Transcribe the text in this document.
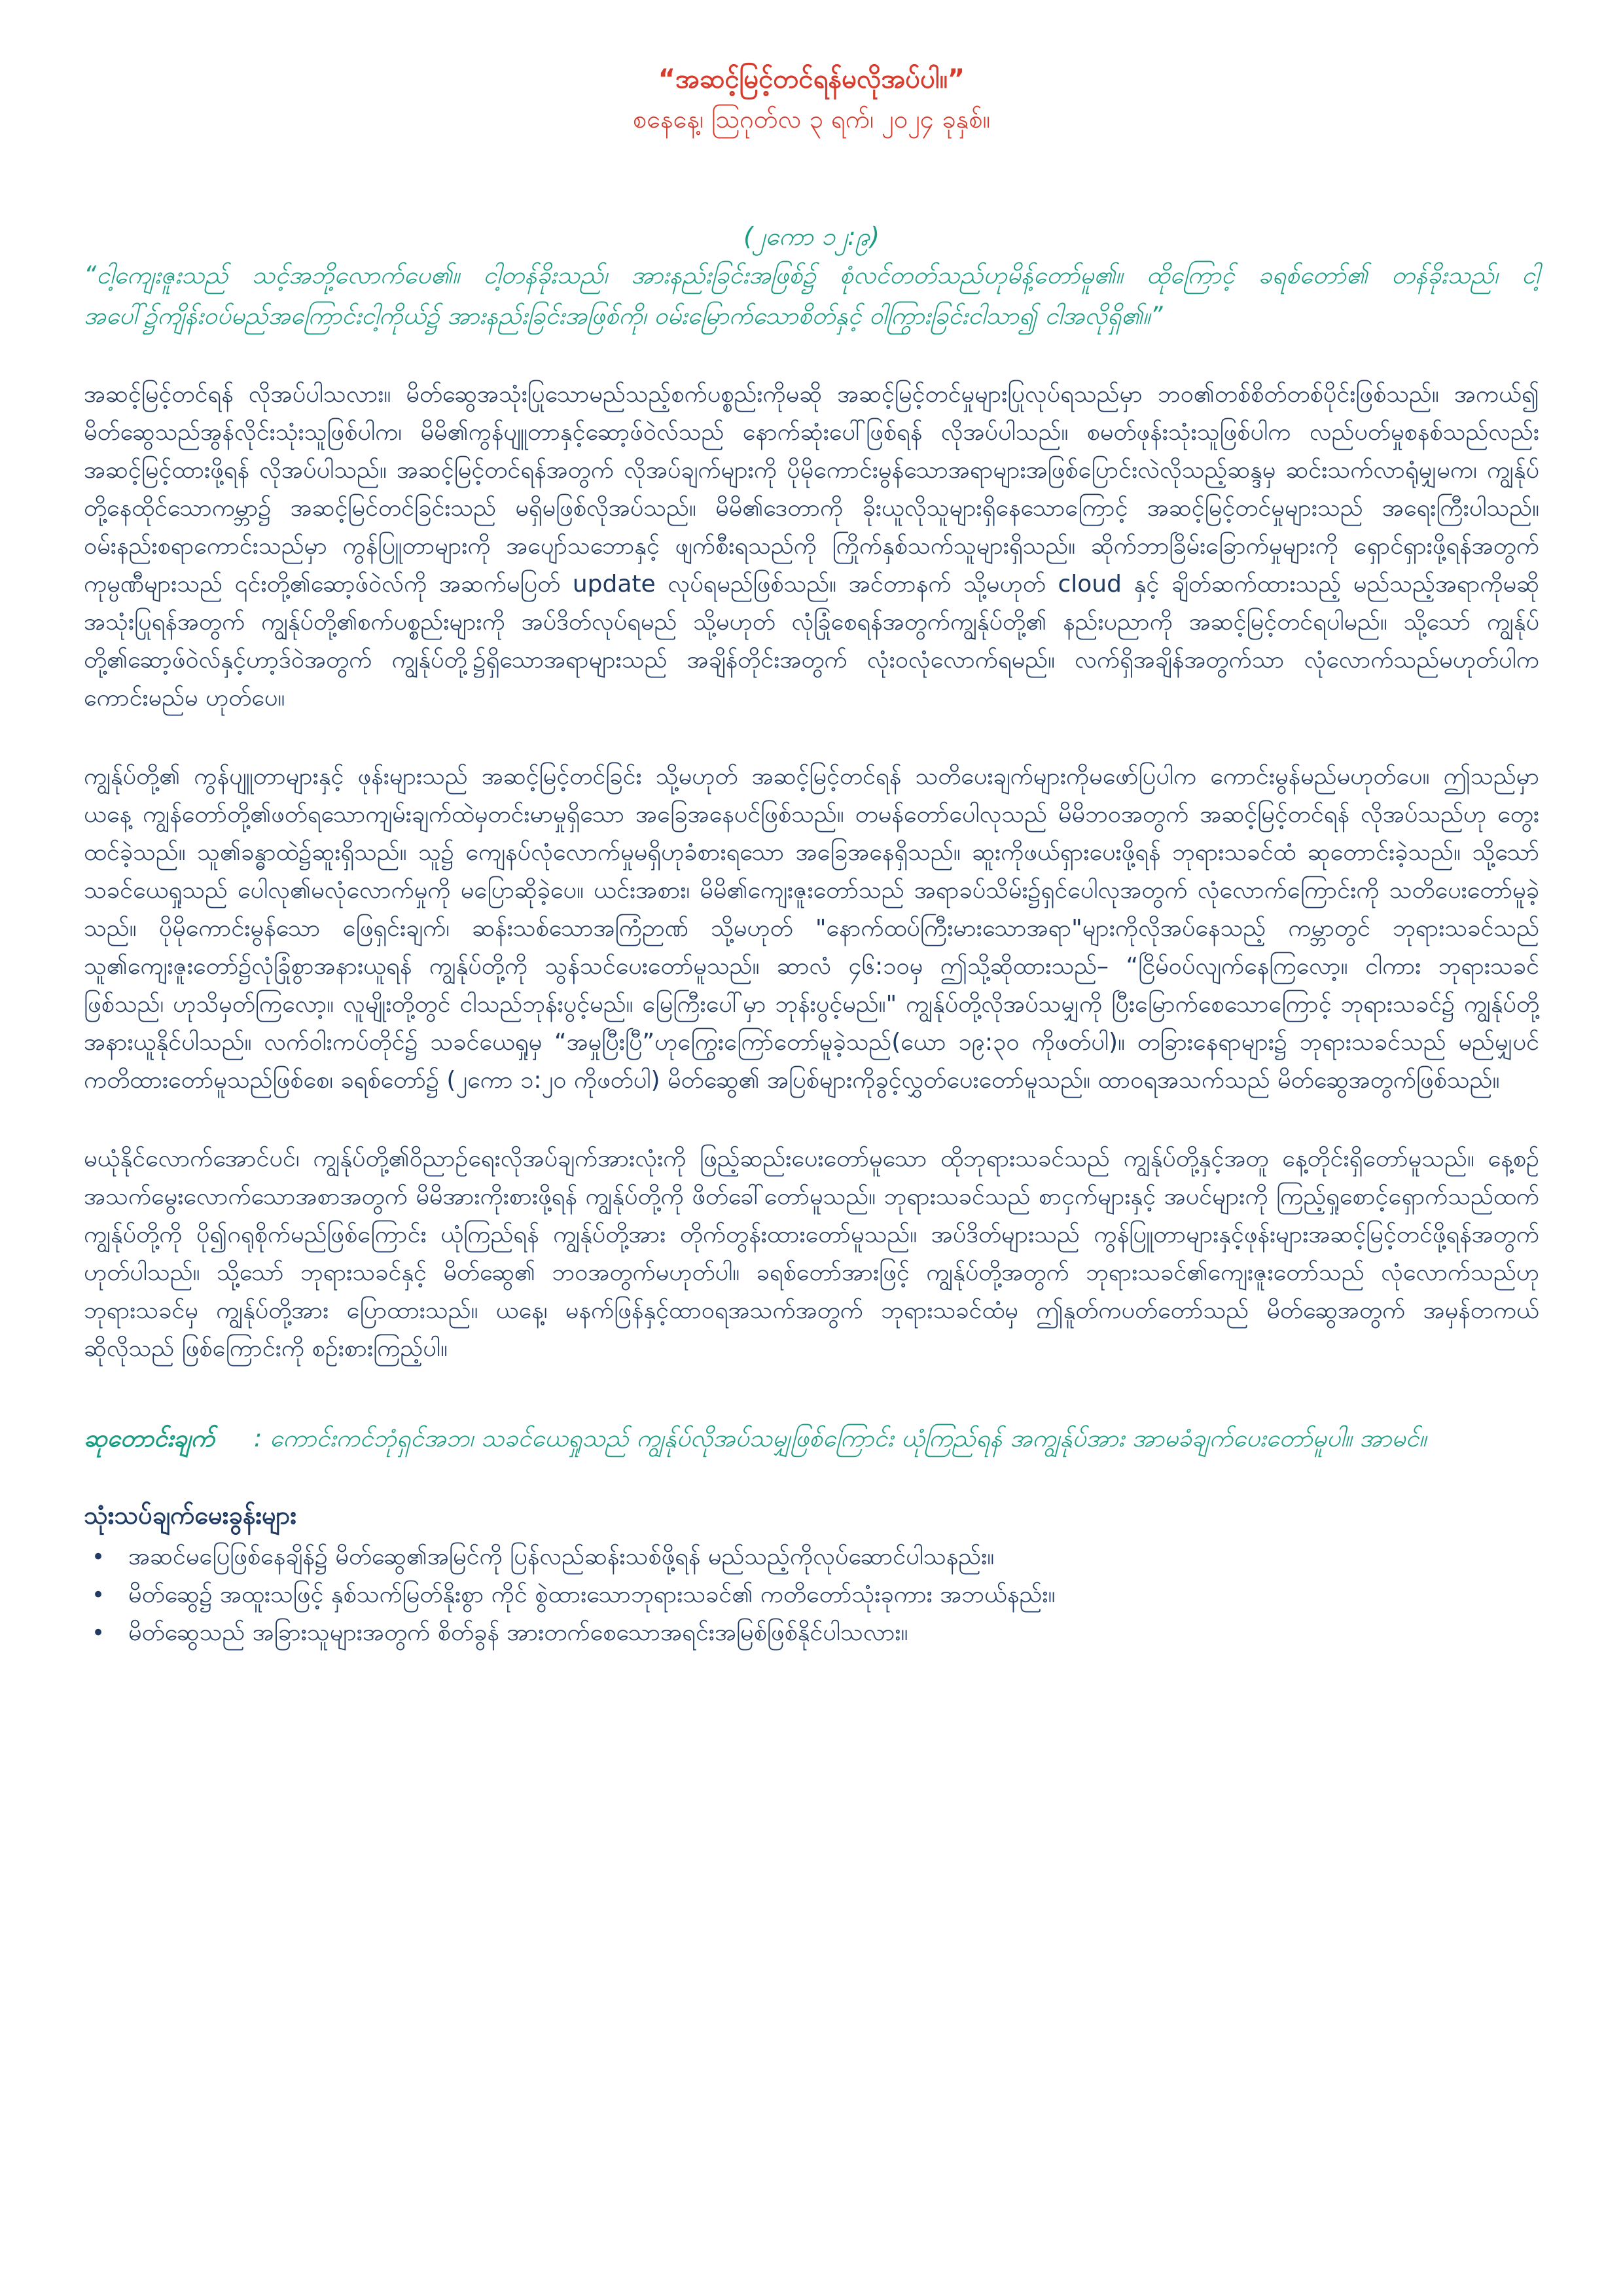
“အဆင့်မြင့်တင်ရန်မလိုအပ်ပါ။”
စနေနေ့၊ ဩဂုတ်လ ၃ ရက်၊ ၂၀၂၄ ခုနှစ်။
(၂ကော ၁၂:၉)
“ငါ့ကျေးဇူးသည် သင့်အဘို့လောက်ပေ၏။ ငါ့တန်ခိုးသည်၊ အားနည်းခြင်းအဖြစ်၌ စုံလင်တတ်သည်ဟုမိန့်တော်မူ၏။ ထိုကြောင့် ခရစ်တော်၏ တန်ခိုးသည်၊ ငါ့အပေါ်၌ကျိန်းဝပ်မည်အကြောင်းငါ့ကိုယ်၌ အားနည်းခြင်းအဖြစ်ကို၊ ဝမ်းမြောက်သောစိတ်နှင့် ဝါကြွားခြင်းငါသာ၍ ငါအလိုရှိ၏။”
အဆင့်မြင့်တင်ရန် လိုအပ်ပါသလား။ မိတ်ဆွေအသုံးပြုသောမည်သည့်စက်ပစ္စည်းကိုမဆို အဆင့်မြင့်တင်မှုများပြုလုပ်ရသည်မှာ ဘဝ၏တစ်စိတ်တစ်ပိုင်းဖြစ်သည်။ အကယ်၍ မိတ်ဆွေသည်အွန်လိုင်းသုံးသူဖြစ်ပါက၊ မိမိ၏ကွန်ပျူတာနှင့်ဆော့ဖ်ဝဲလ်သည် နောက်ဆုံးပေါ်ဖြစ်ရန် လိုအပ်ပါသည်။ စမတ်ဖုန်းသုံးသူဖြစ်ပါက လည်ပတ်မှုစနစ်သည်လည်း အဆင့်မြင့်ထားဖို့ရန် လိုအပ်ပါသည်။ အဆင့်မြင့်တင်ရန်အတွက် လိုအပ်ချက်များကို ပိုမိုကောင်းမွန်သောအရာများအဖြစ်ပြောင်းလဲလိုသည့်ဆန္ဒမှ ဆင်းသက်လာရုံမျှမက၊ ကျွန်ုပ်တို့နေထိုင်သောကမ္ဘာ၌ အဆင့်မြင်တင်ခြင်းသည် မရှိမဖြစ်လိုအပ်သည်။ မိမိ၏ဒေတာကို ခိုးယူလိုသူများရှိနေသောကြောင့် အဆင့်မြင့်တင်မှုများသည် အရေးကြီးပါသည်။ ဝမ်းနည်းစရာကောင်းသည်မှာ ကွန်ပြူတာများကို အပျော်သဘောနှင့် ဖျက်စီးရသည်ကို ကြိုက်နှစ်သက်သူများရှိသည်။ ဆိုက်ဘာခြိမ်းခြောက်မှုများကို ရှောင်ရှားဖို့ရန်အတွက် ကုမ္ပဏီများသည် ၎င်းတို့၏ဆော့ဖ်ဝဲလ်ကို အဆက်မပြတ် update လုပ်ရမည်ဖြစ်သည်။ အင်တာနက် သို့မဟုတ် cloud နှင့် ချိတ်ဆက်ထားသည့် မည်သည့်အရာကိုမဆို အသုံးပြုရန်အတွက် ကျွန်ုပ်တို့၏စက်ပစ္စည်းများကို အပ်ဒိတ်လုပ်ရမည် သို့မဟုတ် လုံခြုံစေရန်အတွက်ကျွန်ုပ်တို့၏ နည်းပညာကို အဆင့်မြင့်တင်ရပါမည်။ သို့သော် ကျွန်ုပ်တို့၏ဆော့ဖ်ဝဲလ်နှင့်ဟာ့ဒ်ဝဲအတွက် ကျွန်ုပ်တို့၌ရှိသောအရာများသည် အချိန်တိုင်းအတွက် လုံးဝလုံလောက်ရမည်။ လက်ရှိအချိန်အတွက်သာ လုံလောက်သည်မဟုတ်ပါက ကောင်းမည်မ ဟုတ်ပေ။
ကျွန်ုပ်တို့၏ ကွန်ပျူတာများနှင့် ဖုန်းများသည် အဆင့်မြင့်တင်ခြင်း သို့မဟုတ် အဆင့်မြင့်တင်ရန် သတိပေးချက်များကိုမဖော်ပြပါက ကောင်းမွန်မည်မဟုတ်ပေ။ ဤသည်မှာ ယနေ့ ကျွန်တော်တို့၏ဖတ်ရသောကျမ်းချက်ထဲမှတင်းမာမှုရှိသော အခြေအနေပင်ဖြစ်သည်။ တမန်တော်ပေါလုသည် မိမိဘဝအတွက် အဆင့်မြင့်တင်ရန် လိုအပ်သည်ဟု တွေးထင်ခဲ့သည်။ သူ၏ခန္ဓာထဲ၌ဆူးရှိသည်။ သူ၌ ကျေနပ်လုံလောက်မှုမရှိဟုခံစားရသော အခြေအနေရှိသည်။ ဆူးကိုဖယ်ရှားပေးဖို့ရန် ဘုရားသခင်ထံ ဆုတောင်းခဲ့သည်။ သို့သော်သခင်ယေရှုသည် ပေါလု၏မလုံလောက်မှုကို မပြောဆိုခဲ့ပေ။ ယင်းအစား၊ မိမိ၏ကျေးဇူးတော်သည် အရာခပ်သိမ်း၌ရှင်ပေါလုအတွက် လုံလောက်ကြောင်းကို သတိပေးတော်မူခဲ့သည်။ ပိုမိုကောင်းမွန်သော ဖြေရှင်းချက်၊ ဆန်းသစ်သောအကြံဉာဏ် သို့မဟုတ် "နောက်ထပ်ကြီးမားသောအရာ"များကိုလိုအပ်နေသည့် ကမ္ဘာတွင် ဘုရားသခင်သည် သူ၏ကျေးဇူးတော်၌လုံခြုံစွာအနားယူရန် ကျွန်ုပ်တို့ကို သွန်သင်ပေးတော်မူသည်။ ဆာလံ ၄၆:၁၀မှ ဤသို့ဆိုထားသည်– “ငြိမ်ဝပ်လျက်နေကြလော့။ ငါကား ဘုရားသခင်ဖြစ်သည်၊ ဟုသိမှတ်ကြလော့။ လူမျိုးတို့တွင် ငါသည်ဘုန်းပွင့်မည်။ မြေကြီးပေါ်မှာ ဘုန်းပွင့်မည်။" ကျွန်ုပ်တို့လိုအပ်သမျှကို ပြီးမြောက်စေသောကြောင့် ဘုရားသခင်၌ ကျွန်ုပ်တို့အနားယူနိုင်ပါသည်။ လက်ဝါးကပ်တိုင်၌ သခင်ယေရှုမှ “အမှုပြီးပြီ”ဟုကြွေးကြော်တော်မူခဲ့သည်(ယော ၁၉:၃၀ ကိုဖတ်ပါ)။ တခြားနေရာများ၌ ဘုရားသခင်သည် မည်မျှပင် ကတိထားတော်မူသည်ဖြစ်စေ၊ ခရစ်တော်၌ (၂ကော ၁:၂၀ ကိုဖတ်ပါ) မိတ်ဆွေ၏ အပြစ်များကိုခွင့်လွှတ်ပေးတော်မူသည်။ ထာဝရအသက်သည် မိတ်ဆွေအတွက်ဖြစ်သည်။
မယုံနိုင်လောက်အောင်ပင်၊ ကျွန်ုပ်တို့၏ဝိညာဉ်ရေးလိုအပ်ချက်အားလုံးကို ဖြည့်ဆည်းပေးတော်မူသော ထိုဘုရားသခင်သည် ကျွန်ုပ်တို့နှင့်အတူ နေ့တိုင်းရှိတော်မူသည်။ နေ့စဉ်အသက်မွေးလောက်သောအစာအတွက် မိမိအားကိုးစားဖို့ရန် ကျွန်ုပ်တို့ကို ဖိတ်ခေါ်တော်မူသည်။ ဘုရားသခင်သည် စာငှက်များနှင့် အပင်များကို ကြည့်ရှုစောင့်ရှောက်သည်ထက် ကျွန်ုပ်တို့ကို ပို၍ဂရုစိုက်မည်ဖြစ်ကြောင်း ယုံကြည်ရန် ကျွန်ုပ်တို့အား တိုက်တွန်းထားတော်မူသည်။ အပ်ဒိတ်များသည် ကွန်ပြူတာများနှင့်ဖုန်းများအဆင့်မြင့်တင်ဖို့ရန်အတွက် ဟုတ်ပါသည်။ သို့သော် ဘုရားသခင်နှင့် မိတ်ဆွေ၏ ဘဝအတွက်မဟုတ်ပါ။ ခရစ်တော်အားဖြင့် ကျွန်ုပ်တို့အတွက် ဘုရားသခင်၏ကျေးဇူးတော်သည် လုံလောက်သည်ဟုဘုရားသခင်မှ ကျွန်ုပ်တို့အား ပြောထားသည်။ ယနေ့၊ မနက်ဖြန်နှင့်ထာဝရအသက်အတွက် ဘုရားသခင်ထံမှ ဤနူတ်ကပတ်တော်သည် မိတ်ဆွေအတွက် အမှန်တကယ်ဆိုလိုသည် ဖြစ်ကြောင်းကို စဉ်းစားကြည့်ပါ။
ဆုတောင်းချက် : ကောင်းကင်ဘုံရှင်အဘ၊ သခင်ယေရှုသည် ကျွန်ုပ်လိုအပ်သမျှဖြစ်ကြောင်း ယုံကြည်ရန် အကျွန်ုပ်အား အာမခံချက်ပေးတော်မူပါ။ အာမင်။
သုံးသပ်ချက်မေးခွန်းများ
• အဆင်မပြေဖြစ်နေချိန်၌ မိတ်ဆွေ၏အမြင်ကို ပြန်လည်ဆန်းသစ်ဖို့ရန် မည်သည့်ကိုလုပ်ဆောင်ပါသနည်း။
• မိတ်ဆွေ၌ အထူးသဖြင့် နှစ်သက်မြတ်နိုးစွာ ကိုင် စွဲထားသောဘုရားသခင်၏ ကတိတော်သုံးခုကား အဘယ်နည်း။
• မိတ်ဆွေသည် အခြားသူများအတွက် စိတ်ခွန် အားတက်စေသောအရင်းအမြစ်ဖြစ်နိုင်ပါသလား။
